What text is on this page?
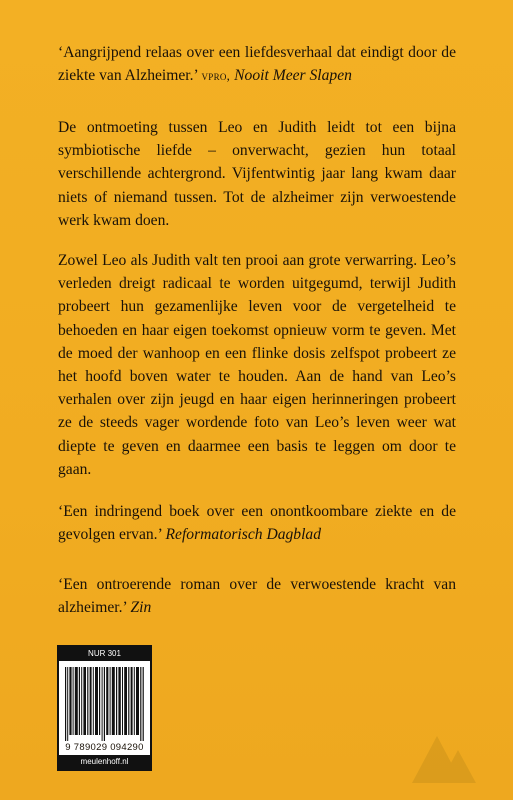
‘Aangrijpend relaas over een liefdesverhaal dat eindigt door de ziekte van Alzheimer.’ vpro, Nooit Meer Slapen

De ontmoeting tussen Leo en Judith leidt tot een bijna symbiotische liefde – onverwacht, gezien hun totaal verschillende achtergrond. Vijfentwintig jaar lang kwam daar niets of niemand tussen. Tot de alzheimer zijn verwoestende werk kwam doen.

Zowel Leo als Judith valt ten prooi aan grote verwarring. Leo’s verleden dreigt radicaal te worden uitgegumd, terwijl Judith probeert hun gezamenlijke leven voor de vergetelheid te behoeden en haar eigen toekomst opnieuw vorm te geven. Met de moed der wanhoop en een flinke dosis zelfspot probeert ze het hoofd boven water te houden. Aan de hand van Leo’s verhalen over zijn jeugd en haar eigen herinneringen probeert ze de steeds vager wordende foto van Leo’s leven weer wat diepte te geven en daarmee een basis te leggen om door te gaan.

‘Een indringend boek over een onontkoombare ziekte en de gevolgen ervan.’ Reformatorisch Dagblad

‘Een ontroerende roman over de verwoestende kracht van alzheimer.’ Zin

NUR 301
9 789029 094290
meulenhoff.nl
